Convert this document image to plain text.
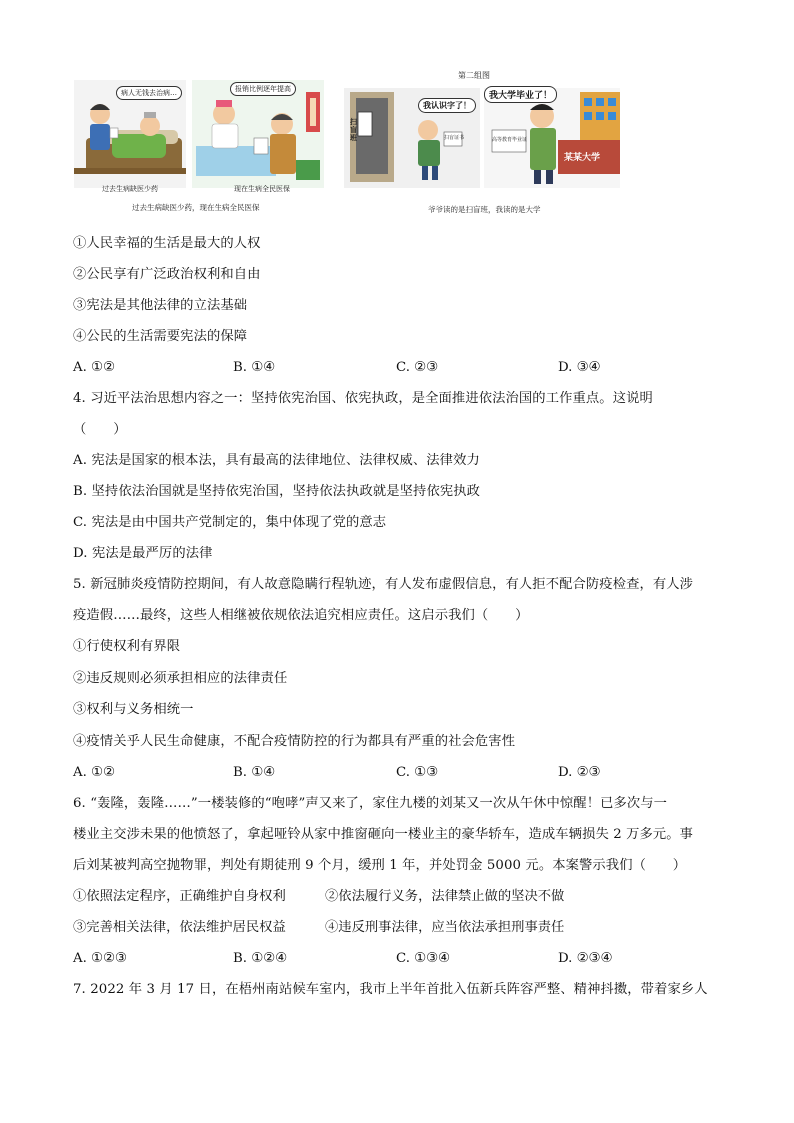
病人无钱去治病…
过去生病缺医少药
报销比例逐年提高
现在生病全民医保
过去生病缺医少药，现在生病全民医保
第二组图
我认识字了！
扫盲班	扫盲证书
我大学毕业了！
高等教育毕业证
某某大学
爷爷读的是扫盲班，我读的是大学
①人民幸福的生活是最大的人权
②公民享有广泛政治权利和自由
③宪法是其他法律的立法基础
④公民的生活需要宪法的保障
A. ①②	B. ①④	C. ②③	D. ③④
4. 习近平法治思想内容之一：坚持依宪治国、依宪执政，是全面推进依法治国的工作重点。这说明
（　　）
A. 宪法是国家的根本法，具有最高的法律地位、法律权威、法律效力
B. 坚持依法治国就是坚持依宪治国，坚持依法执政就是坚持依宪执政
C. 宪法是由中国共产党制定的，集中体现了党的意志
D. 宪法是最严厉的法律
5. 新冠肺炎疫情防控期间，有人故意隐瞒行程轨迹，有人发布虚假信息，有人拒不配合防疫检查，有人涉
疫造假……最终，这些人相继被依规依法追究相应责任。这启示我们（　　）
①行使权利有界限
②违反规则必须承担相应的法律责任
③权利与义务相统一
④疫情关乎人民生命健康，不配合疫情防控的行为都具有严重的社会危害性
A. ①②	B. ①④	C. ①③	D. ②③
6. “轰隆，轰隆……”一楼装修的“咆哮”声又来了，家住九楼的刘某又一次从午休中惊醒！已多次与一
楼业主交涉未果的他愤怒了，拿起哑铃从家中推窗砸向一楼业主的豪华轿车，造成车辆损失 2 万多元。事
后刘某被判高空抛物罪，判处有期徒刑 9 个月，缓刑 1 年，并处罚金 5000 元。本案警示我们（　　）
①依照法定程序，正确维护自身权利	②依法履行义务，法律禁止做的坚决不做
③完善相关法律，依法维护居民权益	④违反刑事法律，应当依法承担刑事责任
A. ①②③	B. ①②④	C. ①③④	D. ②③④
7. 2022 年 3 月 17 日，在梧州南站候车室内，我市上半年首批入伍新兵阵容严整、精神抖擞，带着家乡人
